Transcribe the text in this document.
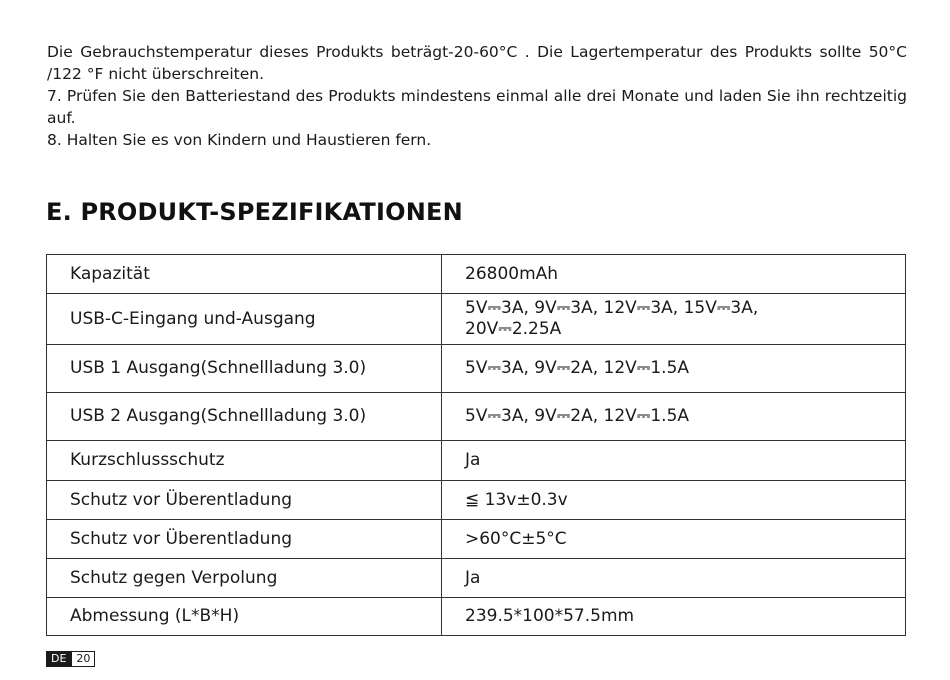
Die Gebrauchstemperatur dieses Produkts beträgt-20-60°C . Die Lagertemperatur des Produkts sollte 50°C /122 °F nicht überschreiten.

7. Prüfen Sie den Batteriestand des Produkts mindestens einmal alle drei Monate und laden Sie ihn rechtzeitig auf.

8. Halten Sie es von Kindern und Haustieren fern.

E. PRODUKT-SPEZIFIKATIONEN
Kapazität	26800mAh
USB-C-Eingang und-Ausgang	5V⎓3A, 9V⎓3A, 12V⎓3A, 15V⎓3A, 20V⎓2.25A
USB 1 Ausgang(Schnellladung 3.0)	5V⎓3A, 9V⎓2A, 12V⎓1.5A
USB 2 Ausgang(Schnellladung 3.0)	5V⎓3A, 9V⎓2A, 12V⎓1.5A
Kurzschlussschutz	Ja
Schutz vor Überentladung	≦ 13v±0.3v
Schutz vor Überentladung	>60°C±5°C
Schutz gegen Verpolung	Ja
Abmessung (L*B*H)	239.5*100*57.5mm
DE 20
